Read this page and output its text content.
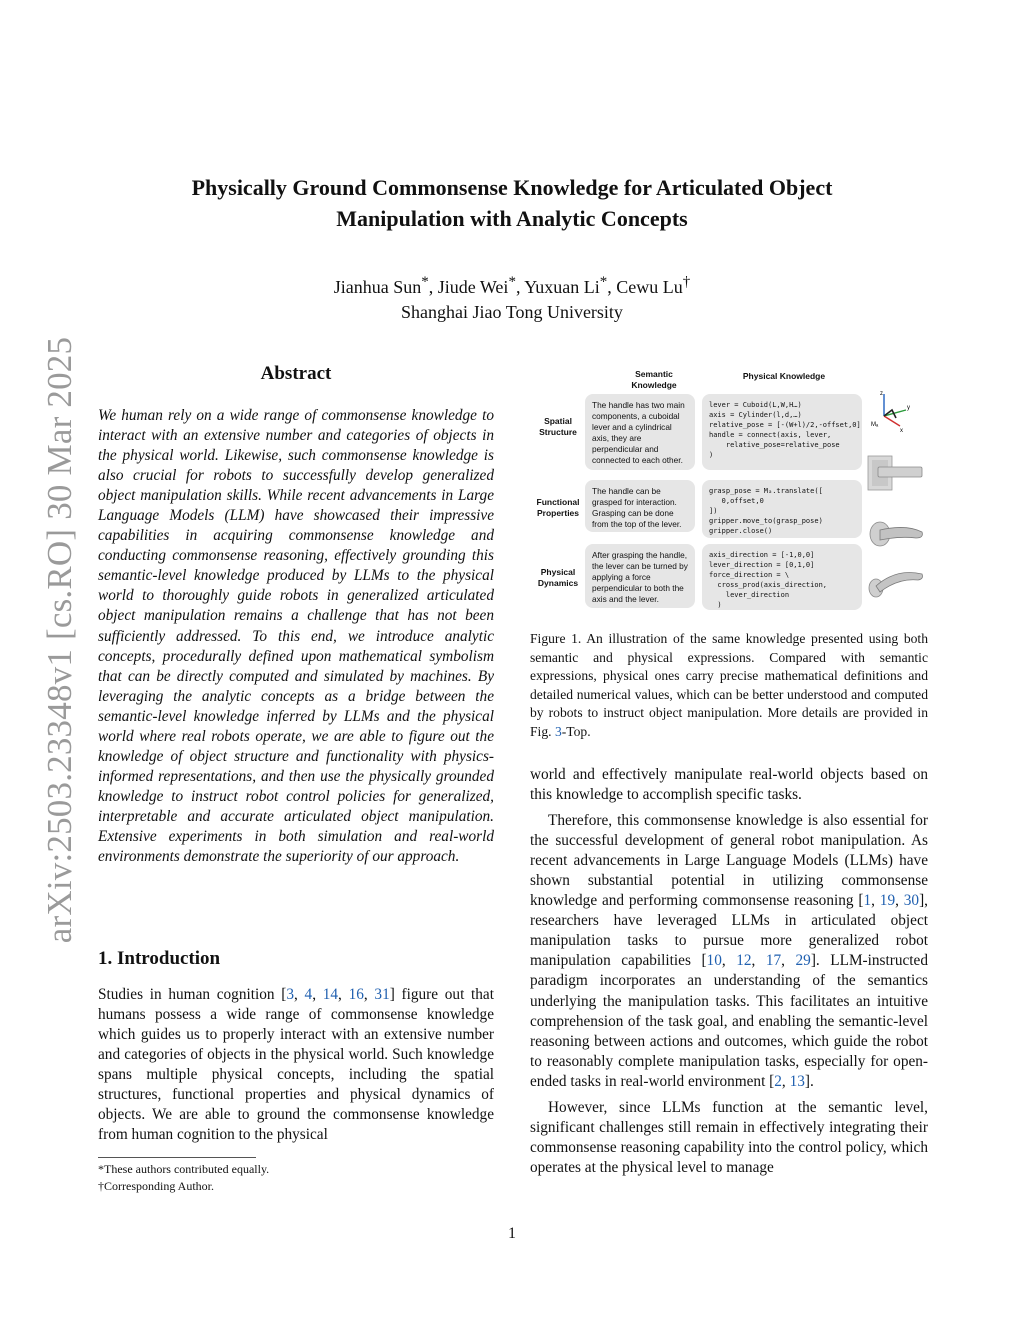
arXiv:2503.23348v1 [cs.RO] 30 Mar 2025
Physically Ground Commonsense Knowledge for Articulated Object
Manipulation with Analytic Concepts
Jianhua Sun*, Jiude Wei*, Yuxuan Li*, Cewu Lu†
Shanghai Jiao Tong University
Abstract
We human rely on a wide range of commonsense knowledge to interact with an extensive number and categories of objects in the physical world. Likewise, such commonsense knowledge is also crucial for robots to successfully develop generalized object manipulation skills. While recent advancements in Large Language Models (LLM) have showcased their impressive capabilities in acquiring commonsense knowledge and conducting commonsense reasoning, effectively grounding this semantic-level knowledge produced by LLMs to the physical world to thoroughly guide robots in generalized articulated object manipulation remains a challenge that has not been sufficiently addressed. To this end, we introduce analytic concepts, procedurally defined upon mathematical symbolism that can be directly computed and simulated by machines. By leveraging the analytic concepts as a bridge between the semantic-level knowledge inferred by LLMs and the physical world where real robots operate, we are able to figure out the knowledge of object structure and functionality with physics-informed representations, and then use the physically grounded knowledge to instruct robot control policies for generalized, interpretable and accurate articulated object manipulation. Extensive experiments in both simulation and real-world environments demonstrate the superiority of our approach.
1. Introduction

Studies in human cognition [3, 4, 14, 16, 31] figure out that humans possess a wide range of commonsense knowledge which guides us to properly interact with an extensive number and categories of objects in the physical world. Such knowledge spans multiple physical concepts, including the spatial structures, functional properties and physical dynamics of objects. We are able to ground the commonsense knowledge from human cognition to the physical

*These authors contributed equally.
†Corresponding Author.
Semantic Knowledge
Physical Knowledge
Spatial Structure
Functional Properties
Physical Dynamics
The handle has two main components, a cuboidal lever and a cylindrical axis, they are perpendicular and connected to each other.
The handle can be grasped for interaction. Grasping can be done from the top of the lever.
After grasping the handle, the lever can be turned by applying a force perpendicular to both the axis and the lever.
lever = Cuboid(L,W,H…)
axis = Cylinder(l,d,…)
relative_pose = [-(W+l)/2,-offset,0]
handle = connect(axis, lever,
relative_pose=relative_pose
)
grasp_pose = Mₐ.translate([
0,offset,0
])
gripper.move_to(grasp_pose)
gripper.close()
axis_direction = [-1,0,0]
lever_direction = [0,1,0]
force_direction = \
cross_prod(axis_direction,
lever_direction
)
z
y
x
Mₐ
Figure 1. An illustration of the same knowledge presented using both semantic and physical expressions. Compared with semantic expressions, physical ones carry precise mathematical definitions and detailed numerical values, which can be better understood and computed by robots to instruct object manipulation. More details are provided in Fig. 3-Top.

world and effectively manipulate real-world objects based on this knowledge to accomplish specific tasks.

Therefore, this commonsense knowledge is also essential for the successful development of general robot manipulation. As recent advancements in Large Language Models (LLMs) have shown substantial potential in utilizing commonsense knowledge and performing commonsense reasoning [1, 19, 30], researchers have leveraged LLMs in articulated object manipulation tasks to pursue more generalized robot manipulation capabilities [10, 12, 17, 29]. LLM-instructed paradigm incorporates an understanding of the semantics underlying the manipulation tasks. This facilitates an intuitive comprehension of the task goal, and enabling the semantic-level reasoning between actions and outcomes, which guide the robot to reasonably complete manipulation tasks, especially for open-ended tasks in real-world environment [2, 13].

However, since LLMs function at the semantic level, significant challenges still remain in effectively integrating their commonsense reasoning capability into the control policy, which operates at the physical level to manage

1
